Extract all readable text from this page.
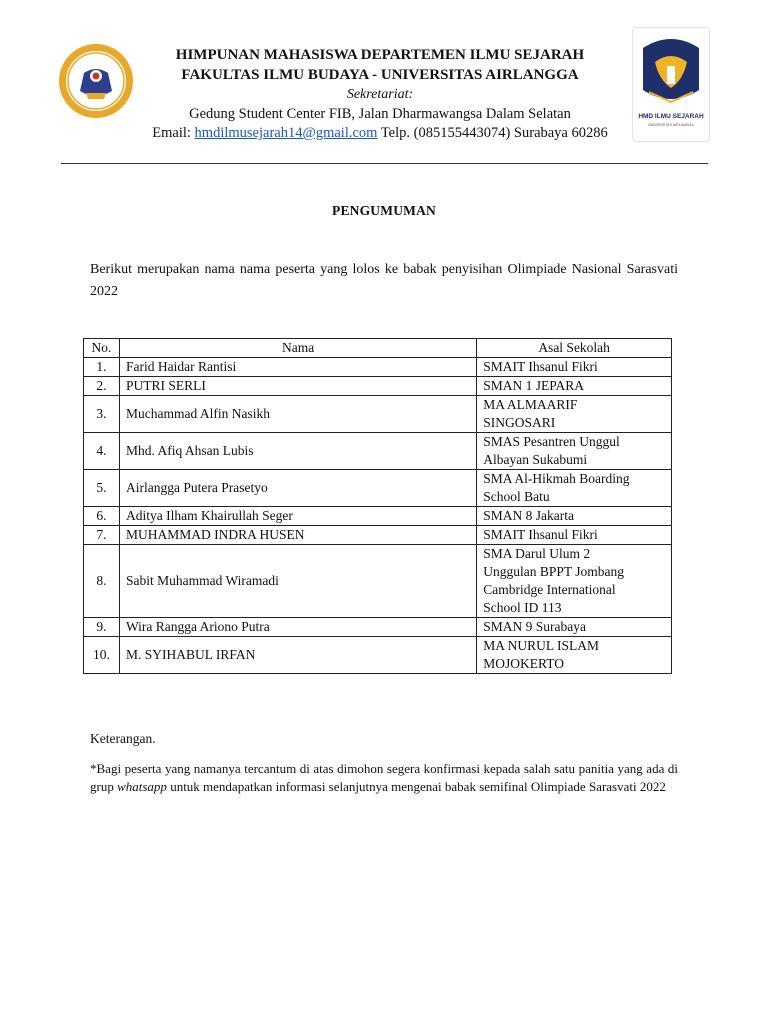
HIMPUNAN MAHASISWA DEPARTEMEN ILMU SEJARAH
FAKULTAS ILMU BUDAYA - UNIVERSITAS AIRLANGGA
Sekretariat:
Gedung Student Center FIB, Jalan Dharmawangsa Dalam Selatan
Email: hmdilmusejarah14@gmail.com Telp. (085155443074) Surabaya 60286
HMD ILMU SEJARAH
UNIVERSITAS AIRLANGGA
PENGUMUMAN
Berikut merupakan nama nama peserta yang lolos ke babak penyisihan Olimpiade Nasional Sarasvati 2022
No.	Nama	Asal Sekolah
1.	Farid Haidar Rantisi	SMAIT Ihsanul Fikri

2.	PUTRI SERLI	SMAN 1 JEPARA

3.	Muchammad Alfin Nasikh	MA ALMAARIF
SINGOSARI

4.	Mhd. Afiq Ahsan Lubis	SMAS Pesantren Unggul
Albayan Sukabumi

5.	Airlangga Putera Prasetyo	SMA Al-Hikmah Boarding
School Batu

6.	Aditya Ilham Khairullah Seger	SMAN 8 Jakarta

7.	MUHAMMAD INDRA HUSEN	SMAIT Ihsanul Fikri

8.	Sabit Muhammad Wiramadi	SMA Darul Ulum 2
Unggulan BPPT Jombang
Cambridge International
School ID 113

9.	Wira Rangga Ariono Putra	SMAN 9 Surabaya

10.	M. SYIHABUL IRFAN	MA NURUL ISLAM
MOJOKERTO
Keterangan.
*Bagi peserta yang namanya tercantum di atas dimohon segera konfirmasi kepada salah satu panitia yang ada di grup whatsapp untuk mendapatkan informasi selanjutnya mengenai babak semifinal Olimpiade Sarasvati 2022
